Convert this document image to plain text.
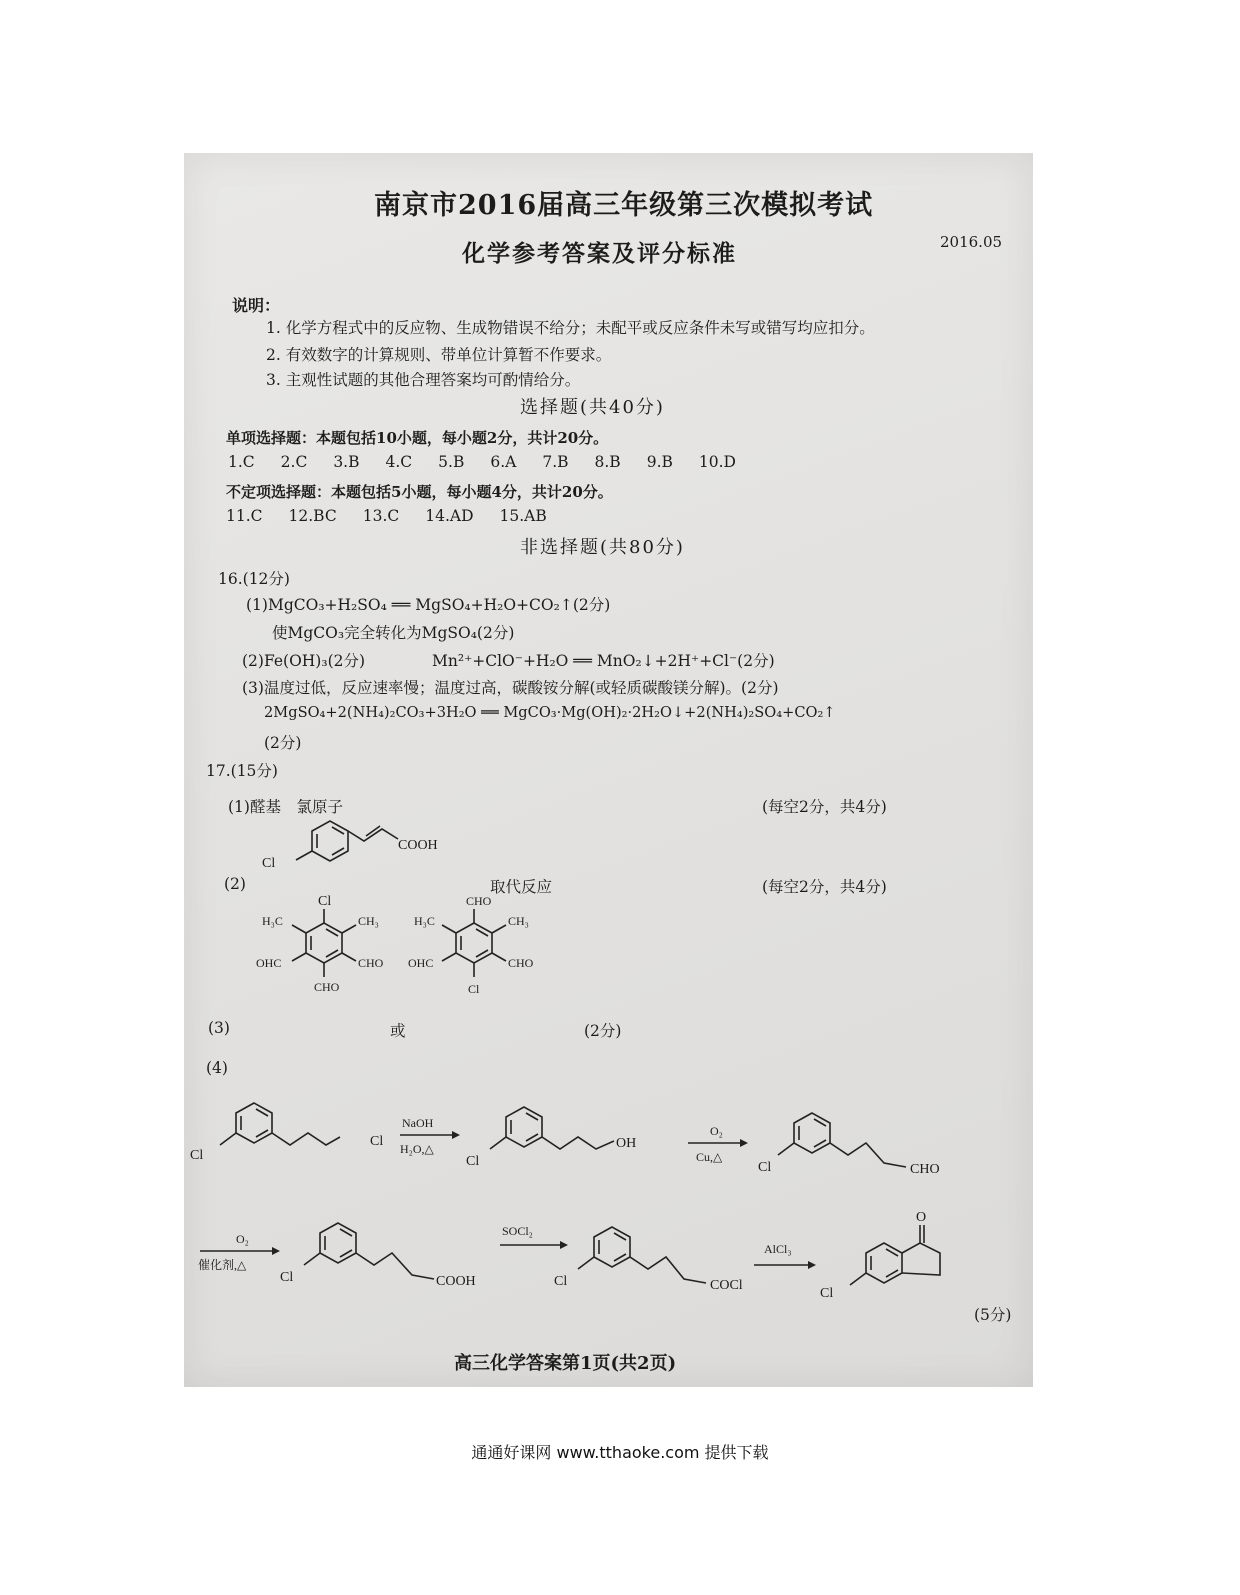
南京市2016届高三年级第三次模拟考试
化学参考答案及评分标准	2016.05
说明：
1. 化学方程式中的反应物、生成物错误不给分；未配平或反应条件未写或错写均应扣分。
2. 有效数字的计算规则、带单位计算暂不作要求。
3. 主观性试题的其他合理答案均可酌情给分。
选择题(共40分)
单项选择题：本题包括10小题，每小题2分，共计20分。
1.C 2.C 3.B 4.C 5.B 6.A 7.B 8.B 9.B 10.D
不定项选择题：本题包括5小题，每小题4分，共计20分。
11.C 12.BC 13.C 14.AD 15.AB
非选择题(共80分)
16.(12分)
(1)MgCO₃+H₂SO₄ ══ MgSO₄+H₂O+CO₂↑(2分)
使MgCO₃完全转化为MgSO₄(2分)
(2)Fe(OH)₃(2分)	Mn²⁺+ClO⁻+H₂O ══ MnO₂↓+2H⁺+Cl⁻(2分)
(3)温度过低，反应速率慢；温度过高，碳酸铵分解(或轻质碳酸镁分解)。(2分)
2MgSO₄+2(NH₄)₂CO₃+3H₂O ══ MgCO₃·Mg(OH)₂·2H₂O↓+2(NH₄)₂SO₄+CO₂↑
(2分)
17.(15分)
(1)醛基　氯原子	(每空2分，共4分)
(2)	取代反应	(每空2分，共4分)
(3)	或	(2分)
(4)
(5分)
Cl
COOH
Cl
H₃C	CH₃
OHC	CHO
CHO
CHO
H₃C	CH₃
OHC	CHO
Cl
Cl
Cl
NaOH
H₂O,△
Cl
OH
O₂
Cu,△
Cl	CHO
O₂
催化剂,△
Cl	COOH
SOCl₂
Cl	COCl
AlCl₃
O
Cl
高三化学答案第1页(共2页)
通通好课网 www.tthaoke.com 提供下载
